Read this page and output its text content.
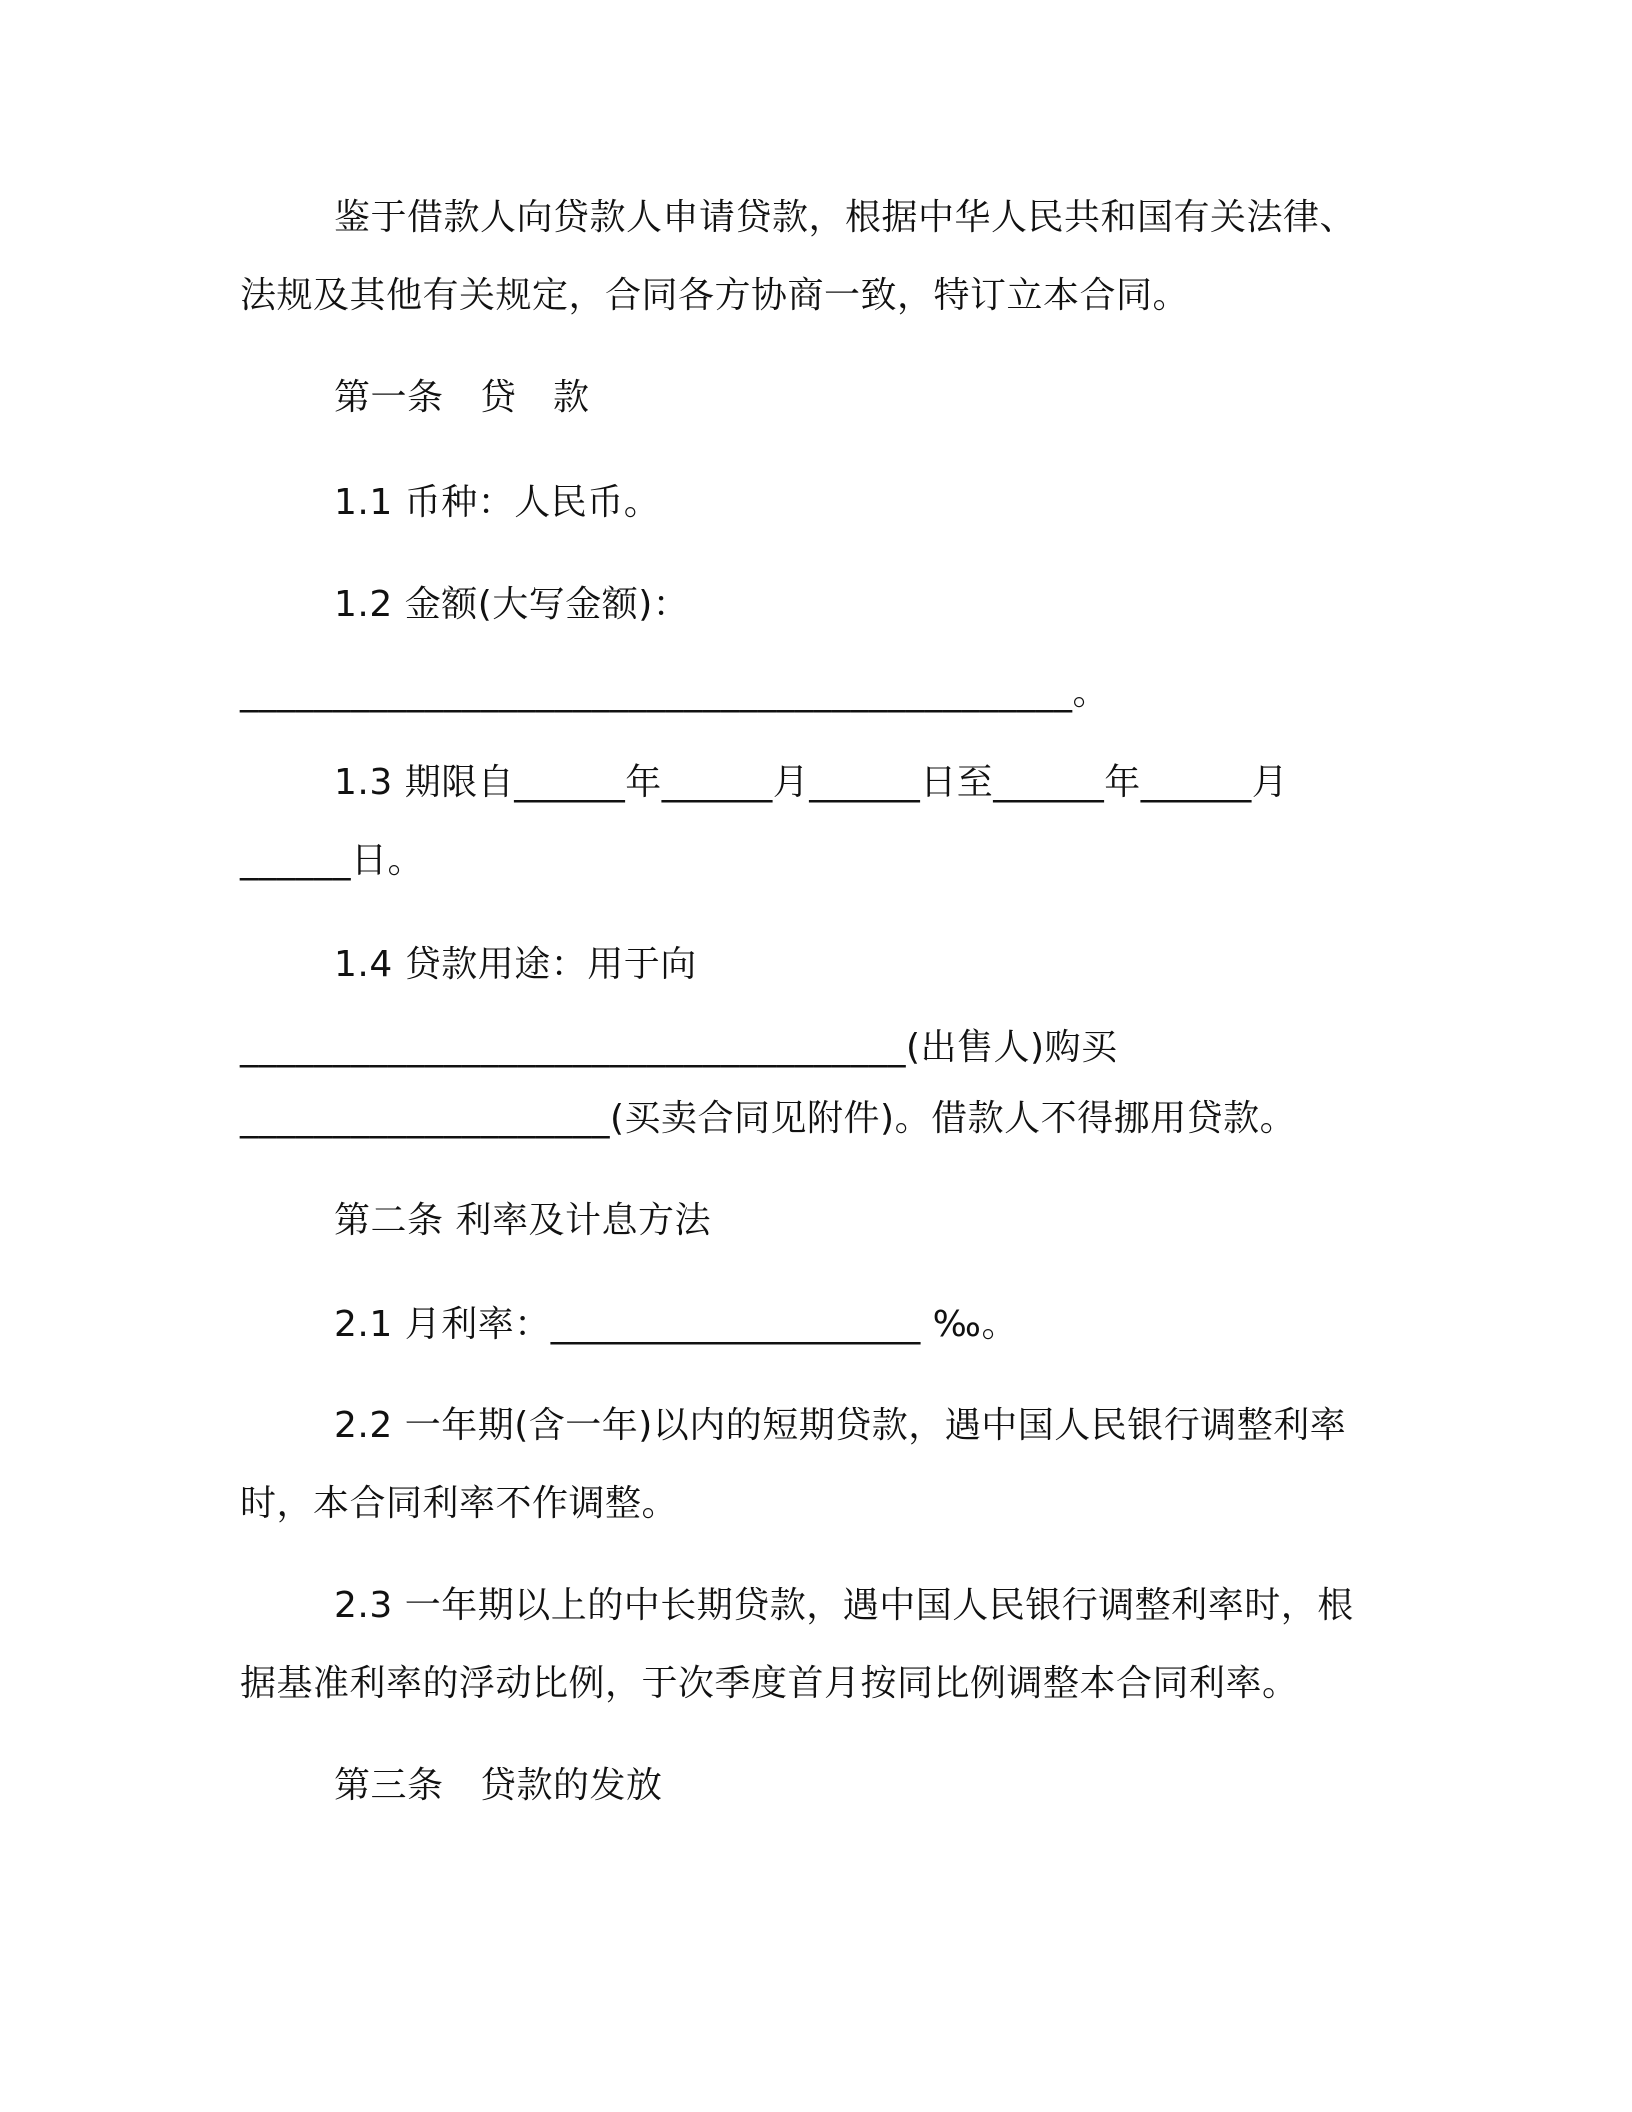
鉴于借款人向贷款人申请贷款，根据中华人民共和国有关法律、
法规及其他有关规定，合同各方协商一致，特订立本合同。
第一条　贷　款
1.1 币种：人民币。
1.2 金额(大写金额)：
_____________________________________________。
1.3 期限自______年______月______日至______年______月
______日。
1.4 贷款用途：用于向
____________________________________(出售人)购买
____________________(买卖合同见附件)。借款人不得挪用贷款。
第二条 利率及计息方法
2.1 月利率：____________________ ‰。
2.2 一年期(含一年)以内的短期贷款，遇中国人民银行调整利率
时，本合同利率不作调整。
2.3 一年期以上的中长期贷款，遇中国人民银行调整利率时，根
据基准利率的浮动比例，于次季度首月按同比例调整本合同利率。
第三条　贷款的发放
